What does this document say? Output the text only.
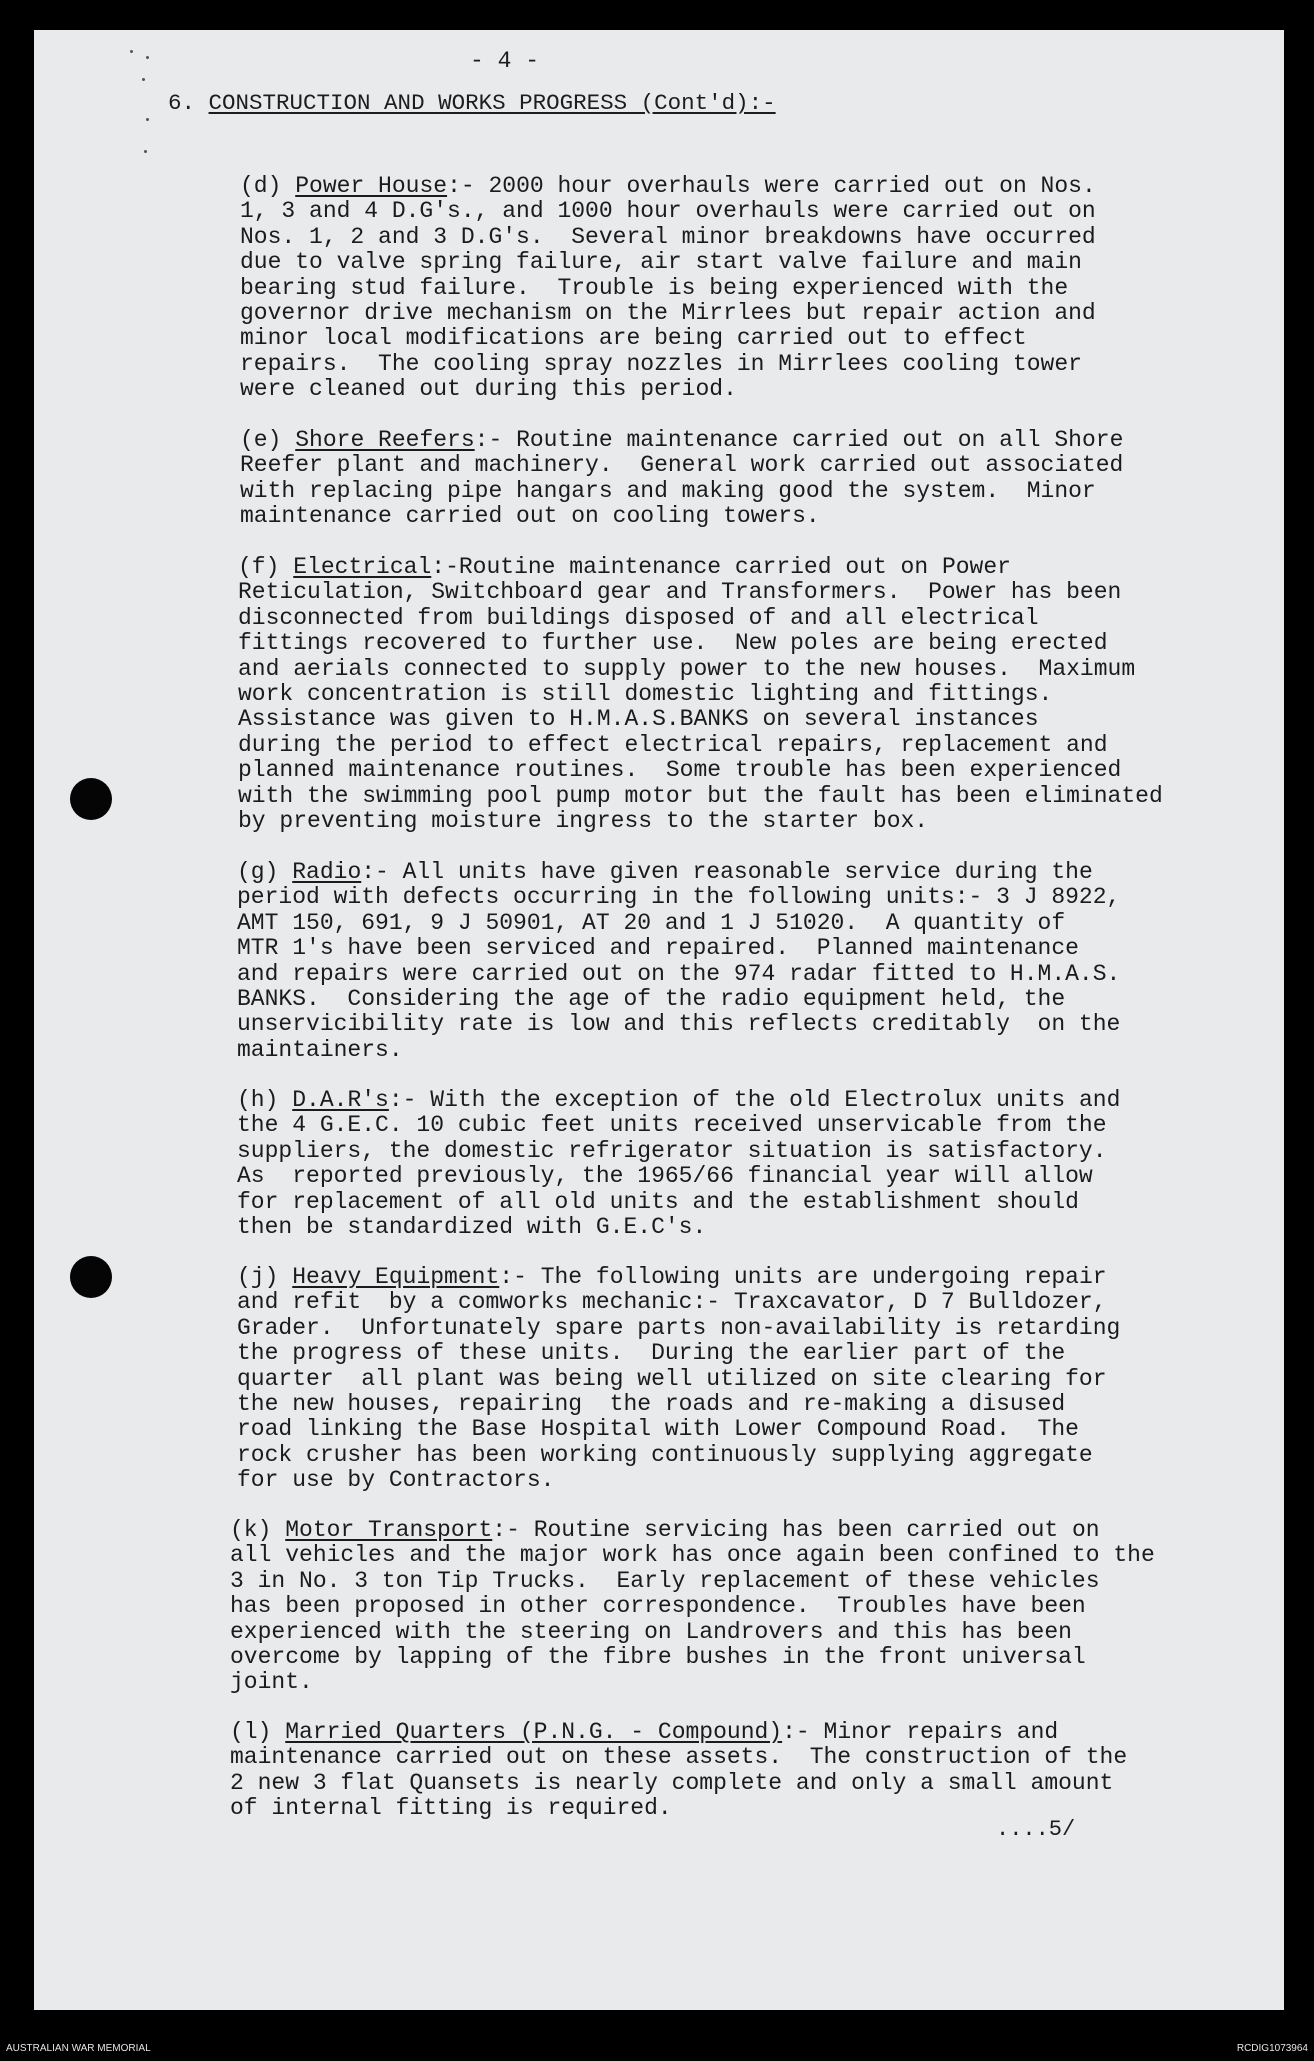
- 4 -

6. CONSTRUCTION AND WORKS PROGRESS (Cont'd):-

(d) Power House:- 2000 hour overhauls were carried out on Nos.
1, 3 and 4 D.G's., and 1000 hour overhauls were carried out on
Nos. 1, 2 and 3 D.G's.  Several minor breakdowns have occurred
due to valve spring failure, air start valve failure and main
bearing stud failure.  Trouble is being experienced with the
governor drive mechanism on the Mirrlees but repair action and
minor local modifications are being carried out to effect
repairs.  The cooling spray nozzles in Mirrlees cooling tower
were cleaned out during this period.
(e) Shore Reefers:- Routine maintenance carried out on all Shore
Reefer plant and machinery.  General work carried out associated
with replacing pipe hangars and making good the system.  Minor
maintenance carried out on cooling towers.
(f) Electrical:-Routine maintenance carried out on Power
Reticulation, Switchboard gear and Transformers.  Power has been
disconnected from buildings disposed of and all electrical
fittings recovered to further use.  New poles are being erected
and aerials connected to supply power to the new houses.  Maximum
work concentration is still domestic lighting and fittings.
Assistance was given to H.M.A.S.BANKS on several instances
during the period to effect electrical repairs, replacement and
planned maintenance routines.  Some trouble has been experienced
with the swimming pool pump motor but the fault has been eliminated
by preventing moisture ingress to the starter box.
(g) Radio:- All units have given reasonable service during the
period with defects occurring in the following units:- 3 J 8922,
AMT 150, 691, 9 J 50901, AT 20 and 1 J 51020.  A quantity of
MTR 1's have been serviced and repaired.  Planned maintenance
and repairs were carried out on the 974 radar fitted to H.M.A.S.
BANKS.  Considering the age of the radio equipment held, the
unservicibility rate is low and this reflects creditably  on the
maintainers.
(h) D.A.R's:- With the exception of the old Electrolux units and
the 4 G.E.C. 10 cubic feet units received unservicable from the
suppliers, the domestic refrigerator situation is satisfactory.
As  reported previously, the 1965/66 financial year will allow
for replacement of all old units and the establishment should
then be standardized with G.E.C's.
(j) Heavy Equipment:- The following units are undergoing repair
and refit  by a comworks mechanic:- Traxcavator, D 7 Bulldozer,
Grader.  Unfortunately spare parts non-availability is retarding
the progress of these units.  During the earlier part of the
quarter  all plant was being well utilized on site clearing for
the new houses, repairing  the roads and re-making a disused
road linking the Base Hospital with Lower Compound Road.  The
rock crusher has been working continuously supplying aggregate
for use by Contractors.
(k) Motor Transport:- Routine servicing has been carried out on
all vehicles and the major work has once again been confined to the
3 in No. 3 ton Tip Trucks.  Early replacement of these vehicles
has been proposed in other correspondence.  Troubles have been
experienced with the steering on Landrovers and this has been
overcome by lapping of the fibre bushes in the front universal
joint.
(l) Married Quarters (P.N.G. - Compound):- Minor repairs and
maintenance carried out on these assets.  The construction of the
2 new 3 flat Quansets is nearly complete and only a small amount
of internal fitting is required.

....5/

AUSTRALIAN WAR MEMORIAL	RCDIG1073964
